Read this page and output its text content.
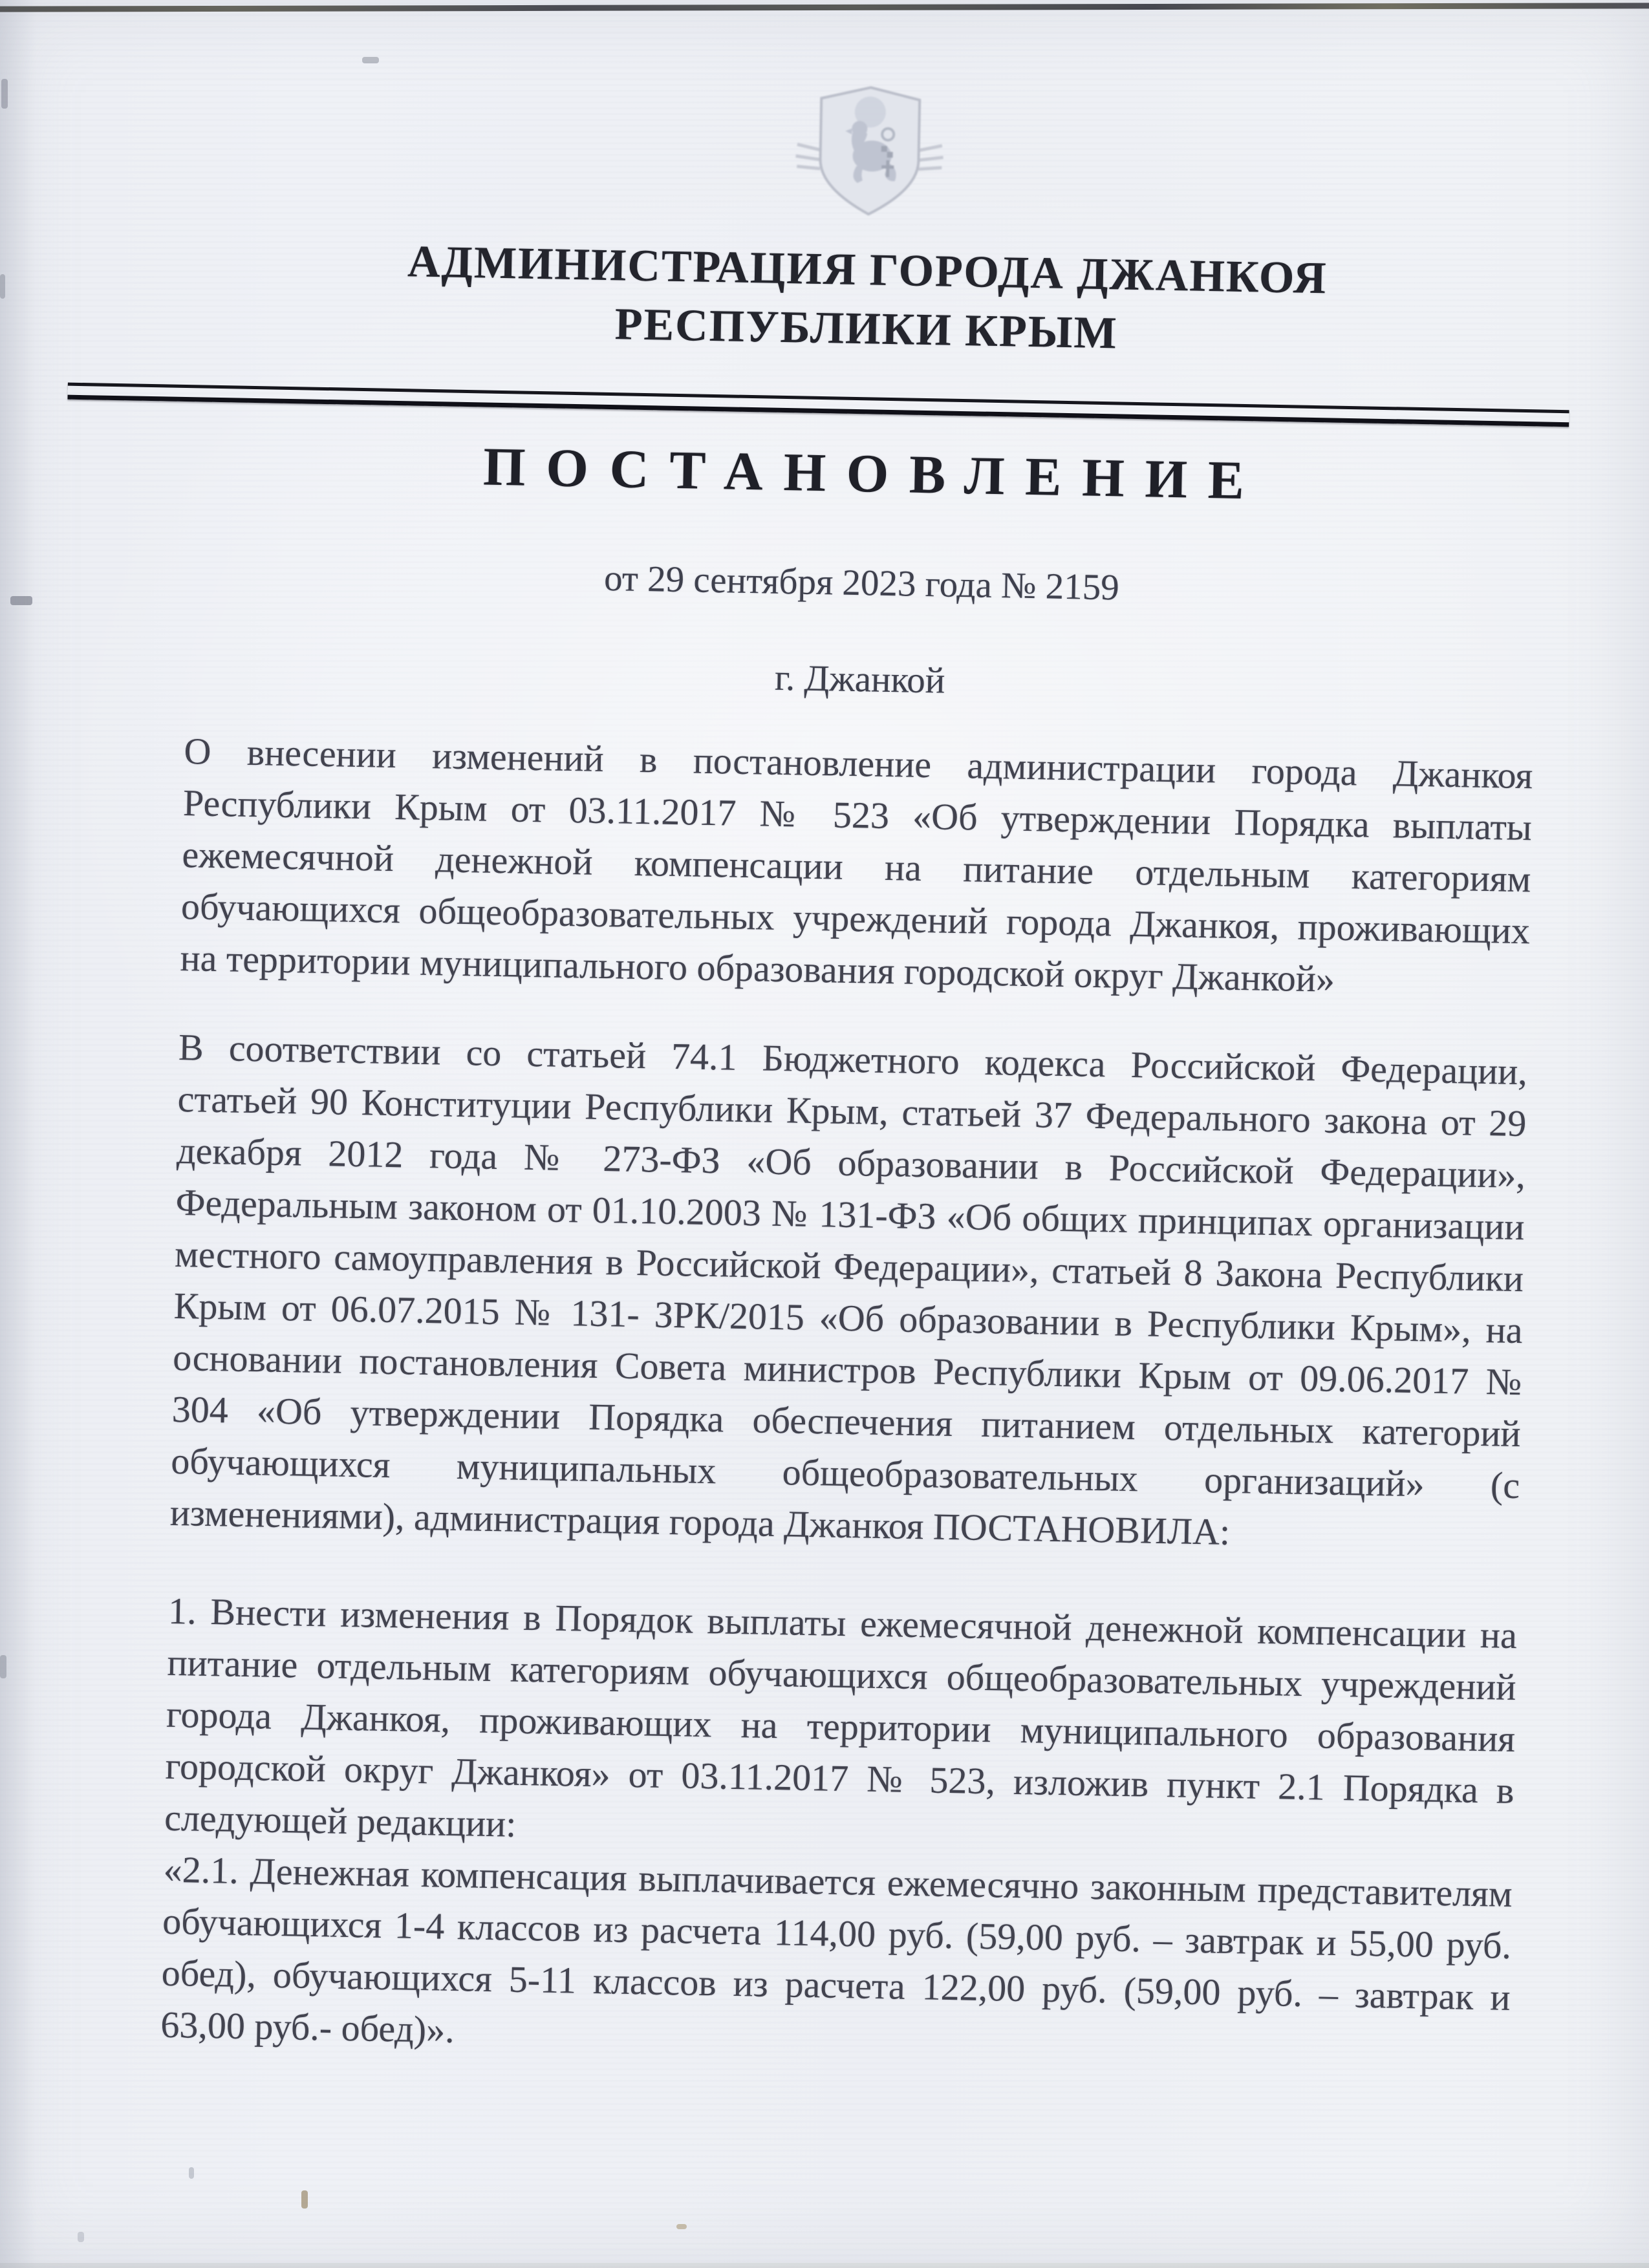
АДМИНИСТРАЦИЯ ГОРОДА ДЖАНКОЯ
РЕСПУБЛИКИ КРЫМ
ПОСТАНОВЛЕНИЕ
от 29 сентября 2023 года № 2159
г. Джанкой

О внесении изменений в постановление администрации города Джанкоя Республики Крым от 03.11.2017 № 523 «Об утверждении Порядка выплаты ежемесячной денежной компенсации на питание отдельным категориям обучающихся общеобразовательных учреждений города Джанкоя, проживающих на территории муниципального образования городской округ Джанкой»

В соответствии со статьей 74.1 Бюджетного кодекса Российской Федерации, статьей 90 Конституции Республики Крым, статьей 37 Федерального закона от 29 декабря 2012 года № 273-ФЗ «Об образовании в Российской Федерации», Федеральным законом от 01.10.2003 № 131-ФЗ «Об общих принципах организации местного самоуправления в Российской Федерации», статьей 8 Закона Республики Крым от 06.07.2015 № 131- ЗРК/2015 «Об образовании в Республики Крым», на основании постановления Совета министров Республики Крым от 09.06.2017 № 304 «Об утверждении Порядка обеспечения питанием отдельных категорий обучающихся муниципальных общеобразовательных организаций» (с изменениями), администрация города Джанкоя ПОСТАНОВИЛА:

1. Внести изменения в Порядок выплаты ежемесячной денежной компенсации на питание отдельным категориям обучающихся общеобразовательных учреждений города Джанкоя, проживающих на территории муниципального образования городской округ Джанкоя» от 03.11.2017 № 523, изложив пункт 2.1 Порядка в следующей редакции:

«2.1. Денежная компенсация выплачивается ежемесячно законным представителям обучающихся 1-4 классов из расчета 114,00 руб. (59,00 руб. – завтрак и 55,00 руб. обед), обучающихся 5-11 классов из расчета 122,00 руб. (59,00 руб. – завтрак и 63,00 руб.- обед)».
